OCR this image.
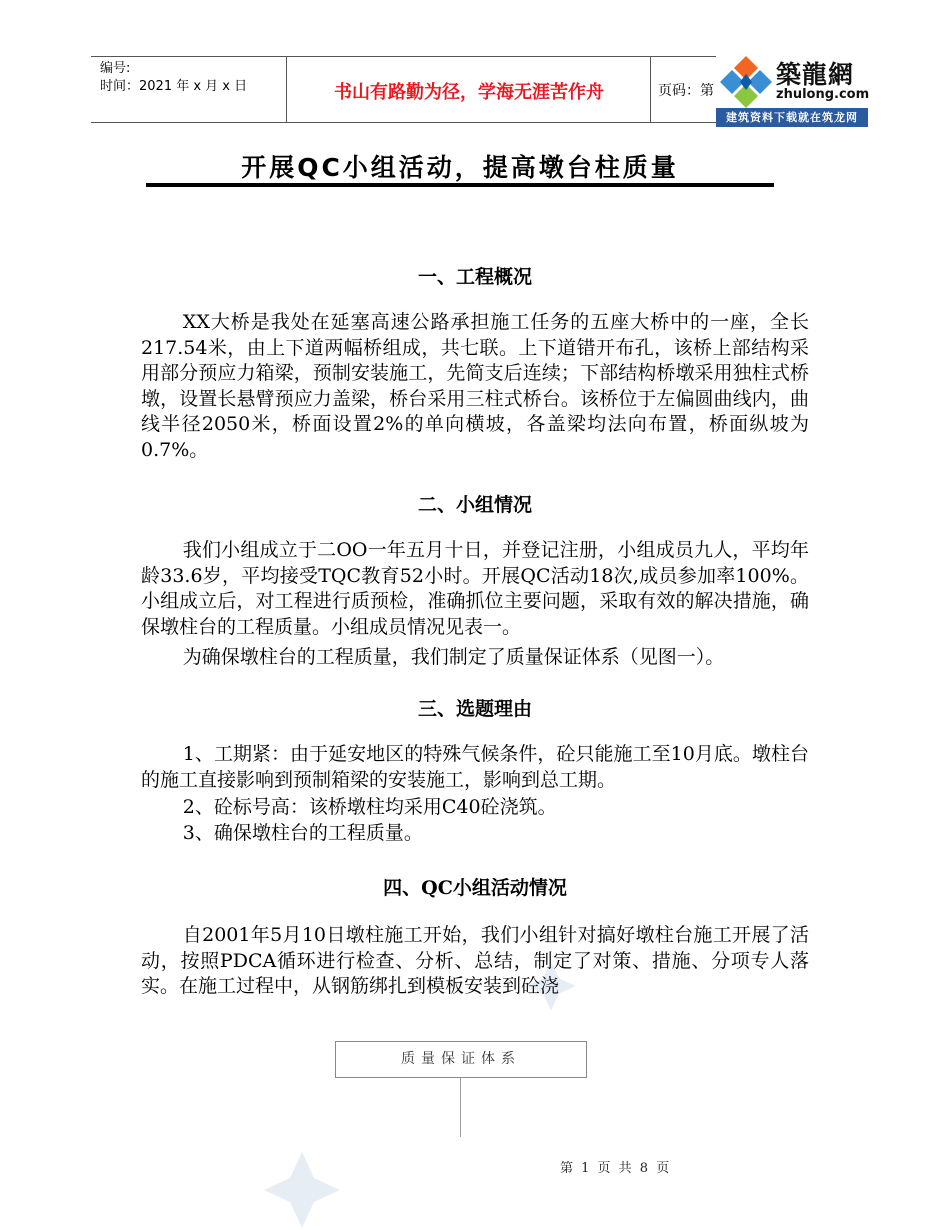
编号:
时间：2021 年 x 月 x 日	书山有路勤为径，学海无涯苦作舟	页码：第
築龍網
zhulong.com
建筑资料下载就在筑龙网
开展QC小组活动，提高墩台柱质量
一、工程概况
XX大桥是我处在延塞高速公路承担施工任务的五座大桥中的一座，全长217.54米，由上下道两幅桥组成，共七联。上下道错开布孔，该桥上部结构采用部分预应力箱梁，预制安装施工，先简支后连续；下部结构桥墩采用独柱式桥墩，设置长悬臂预应力盖梁，桥台采用三柱式桥台。该桥位于左偏圆曲线内，曲线半径2050米，桥面设置2%的单向横坡，各盖梁均法向布置，桥面纵坡为0.7%。
二、小组情况
我们小组成立于二OO一年五月十日，并登记注册，小组成员九人，平均年龄33.6岁，平均接受TQC教育52小时。开展QC活动18次,成员参加率100%。小组成立后，对工程进行质预检，准确抓位主要问题，采取有效的解决措施，确保墩柱台的工程质量。小组成员情况见表一。
为确保墩柱台的工程质量，我们制定了质量保证体系（见图一）。
三、选题理由
1、工期紧：由于延安地区的特殊气候条件，砼只能施工至10月底。墩柱台的施工直接影响到预制箱梁的安装施工，影响到总工期。
2、砼标号高：该桥墩柱均采用C40砼浇筑。
3、确保墩柱台的工程质量。
四、QC小组活动情况
自2001年5月10日墩柱施工开始，我们小组针对搞好墩柱台施工开展了活动，按照PDCA循环进行检查、分析、总结，制定了对策、措施、分项专人落实。在施工过程中，从钢筋绑扎到模板安装到砼浇
质量保证体系
第 1 页 共 8 页
